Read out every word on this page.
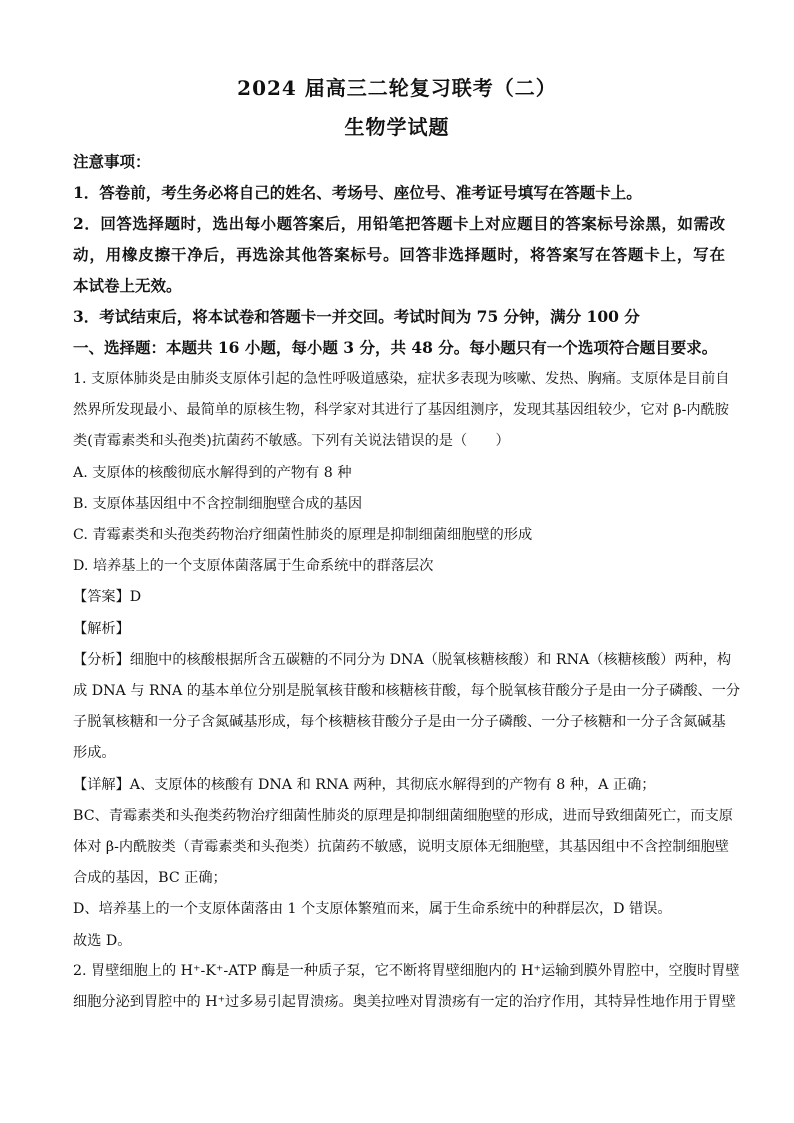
2024 届高三二轮复习联考（二）
生物学试题

注意事项：

1．答卷前，考生务必将自己的姓名、考场号、座位号、准考证号填写在答题卡上。

2．回答选择题时，选出每小题答案后，用铅笔把答题卡上对应题目的答案标号涂黑，如需改

动，用橡皮擦干净后，再选涂其他答案标号。回答非选择题时，将答案写在答题卡上，写在

本试卷上无效。

3．考试结束后，将本试卷和答题卡一并交回。考试时间为 75 分钟，满分 100 分

一、选择题：本题共 16 小题，每小题 3 分，共 48 分。每小题只有一个选项符合题目要求。

1. 支原体肺炎是由肺炎支原体引起的急性呼吸道感染，症状多表现为咳嗽、发热、胸痛。支原体是目前自

然界所发现最小、最简单的原核生物，科学家对其进行了基因组测序，发现其基因组较少，它对 β-内酰胺

类(青霉素类和头孢类)抗菌药不敏感。下列有关说法错误的是（　　）

A. 支原体的核酸彻底水解得到的产物有 8 种

B. 支原体基因组中不含控制细胞壁合成的基因

C. 青霉素类和头孢类药物治疗细菌性肺炎的原理是抑制细菌细胞壁的形成

D. 培养基上的一个支原体菌落属于生命系统中的群落层次

【答案】D

【解析】

【分析】细胞中的核酸根据所含五碳糖的不同分为 DNA（脱氧核糖核酸）和 RNA（核糖核酸）两种，构

成 DNA 与 RNA 的基本单位分别是脱氧核苷酸和核糖核苷酸，每个脱氧核苷酸分子是由一分子磷酸、一分

子脱氧核糖和一分子含氮碱基形成，每个核糖核苷酸分子是由一分子磷酸、一分子核糖和一分子含氮碱基

形成。

【详解】A、支原体的核酸有 DNA 和 RNA 两种，其彻底水解得到的产物有 8 种，A 正确；

BC、青霉素类和头孢类药物治疗细菌性肺炎的原理是抑制细菌细胞壁的形成，进而导致细菌死亡，而支原

体对 β-内酰胺类（青霉素类和头孢类）抗菌药不敏感，说明支原体无细胞壁，其基因组中不含控制细胞壁

合成的基因，BC 正确；

D、培养基上的一个支原体菌落由 1 个支原体繁殖而来，属于生命系统中的种群层次，D 错误。

故选 D。

2. 胃壁细胞上的 H⁺-K⁺-ATP 酶是一种质子泵，它不断将胃壁细胞内的 H⁺运输到膜外胃腔中，空腹时胃壁

细胞分泌到胃腔中的 H⁺过多易引起胃溃疡。奥美拉唑对胃溃疡有一定的治疗作用，其特异性地作用于胃壁
